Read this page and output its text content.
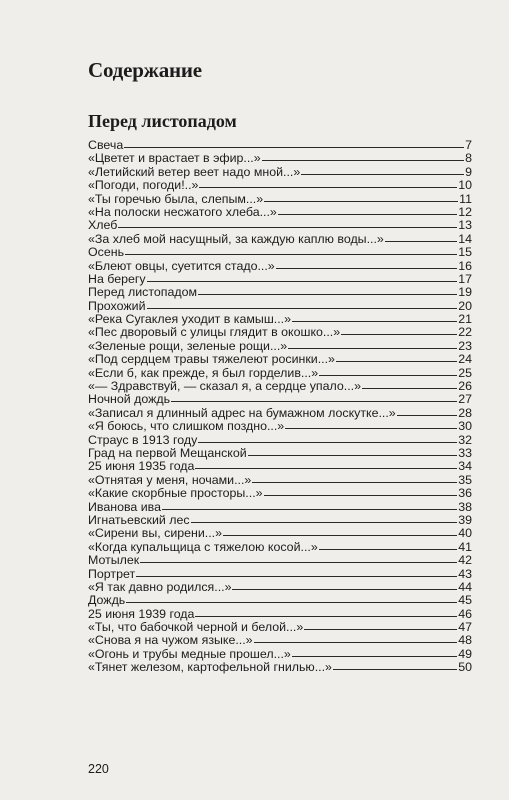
Содержание
Перед листопадом
Свеча	7
«Цветет и врастает в эфир...»	8
«Летийский ветер веет надо мной...»	9
«Погоди, погоди!..»	10
«Ты горечью была, слепым...»	11
«На полоски несжатого хлеба...»	12
Хлеб	13
«За хлеб мой насущный, за каждую каплю воды...»	14
Осень	15
«Блеют овцы, суетится стадо...»	16
На берегу	17
Перед листопадом	19
Прохожий	20
«Река Сугаклея уходит в камыш...»	21
«Пес дворовый с улицы глядит в окошко...»	22
«Зеленые рощи, зеленые рощи...»	23
«Под сердцем травы тяжелеют росинки...»	24
«Если б, как прежде, я был горделив...»	25
«— Здравствуй, — сказал я, а сердце упало...»	26
Ночной дождь	27
«Записал я длинный адрес на бумажном лоскутке...»	28
«Я боюсь, что слишком поздно...»	30
Страус в 1913 году	32
Град на первой Мещанской	33
25 июня 1935 года	34
«Отнятая у меня, ночами...»	35
«Какие скорбные просторы...»	36
Иванова ива	38
Игнатьевский лес	39
«Сирени вы, сирени...»	40
«Когда купальщица с тяжелою косой...»	41
Мотылек	42
Портрет	43
«Я так давно родился...»	44
Дождь	45
25 июня 1939 года	46
«Ты, что бабочкой черной и белой...»	47
«Снова я на чужом языке...»	48
«Огонь и трубы медные прошел...»	49
«Тянет железом, картофельной гнилью...»	50
220
